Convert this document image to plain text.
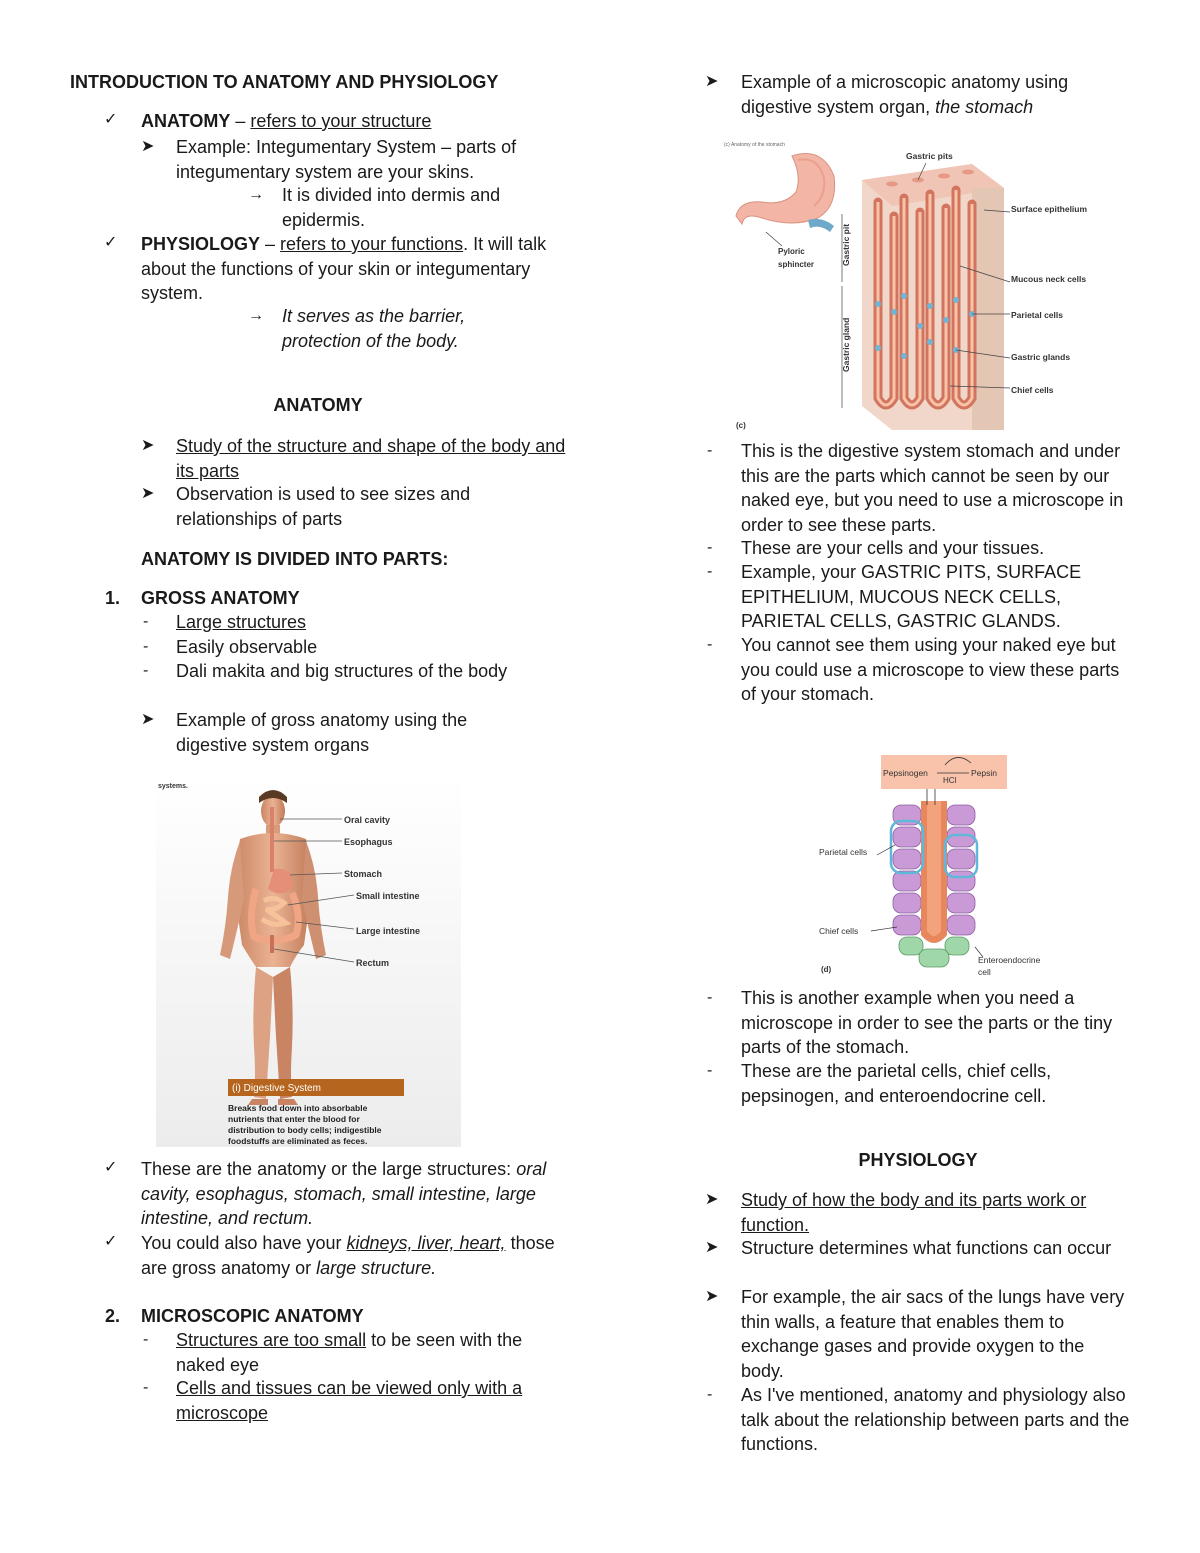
INTRODUCTION TO ANATOMY AND PHYSIOLOGY
✓ ANATOMY – refers to your structure
➤ Example: Integumentary System – parts of integumentary system are your skins.
→ It is divided into dermis and epidermis.
✓ PHYSIOLOGY – refers to your functions. It will talk about the functions of your skin or integumentary system.
→ It serves as the barrier, protection of the body.
ANATOMY
➤ Study of the structure and shape of the body and its parts
➤ Observation is used to see sizes and relationships of parts
ANATOMY IS DIVIDED INTO PARTS:
1. GROSS ANATOMY
- Large structures
- Easily observable
- Dali makita and big structures of the body
➤ Example of gross anatomy using the digestive system organs
systems.
Oral cavity
Esophagus
Stomach
Small intestine
Large intestine
Rectum
(i) Digestive System
Breaks food down into absorbable
nutrients that enter the blood for
distribution to body cells; indigestible
foodstuffs are eliminated as feces.
✓ These are the anatomy or the large structures: oral cavity, esophagus, stomach, small intestine, large intestine, and rectum.
✓ You could also have your kidneys, liver, heart, those are gross anatomy or large structure.
2. MICROSCOPIC ANATOMY
- Structures are too small to be seen with the naked eye
- Cells and tissues can be viewed only with a microscope
➤ Example of a microscopic anatomy using digestive system organ, the stomach
(c) Anatomy of the stomach
Pyloric
sphincter	Gastric pit
Gastric gland
Gastric pits
Surface epithelium
Mucous neck cells
Parietal cells
Gastric glands
Chief cells
(c)
- This is the digestive system stomach and under this are the parts which cannot be seen by our naked eye, but you need to use a microscope in order to see these parts.
- These are your cells and your tissues.
- Example, your GASTRIC PITS, SURFACE EPITHELIUM, MUCOUS NECK CELLS, PARIETAL CELLS, GASTRIC GLANDS.
- You cannot see them using your naked eye but you could use a microscope to view these parts of your stomach.
Pepsinogen	Pepsin
HCl
Parietal cells
Chief cells
Enteroendocrine
cell
(d)
- This is another example when you need a microscope in order to see the parts or the tiny parts of the stomach.
- These are the parietal cells, chief cells, pepsinogen, and enteroendocrine cell.
PHYSIOLOGY
➤ Study of how the body and its parts work or function.
➤ Structure determines what functions can occur
➤ For example, the air sacs of the lungs have very thin walls, a feature that enables them to exchange gases and provide oxygen to the body.
- As I've mentioned, anatomy and physiology also talk about the relationship between parts and the functions.
